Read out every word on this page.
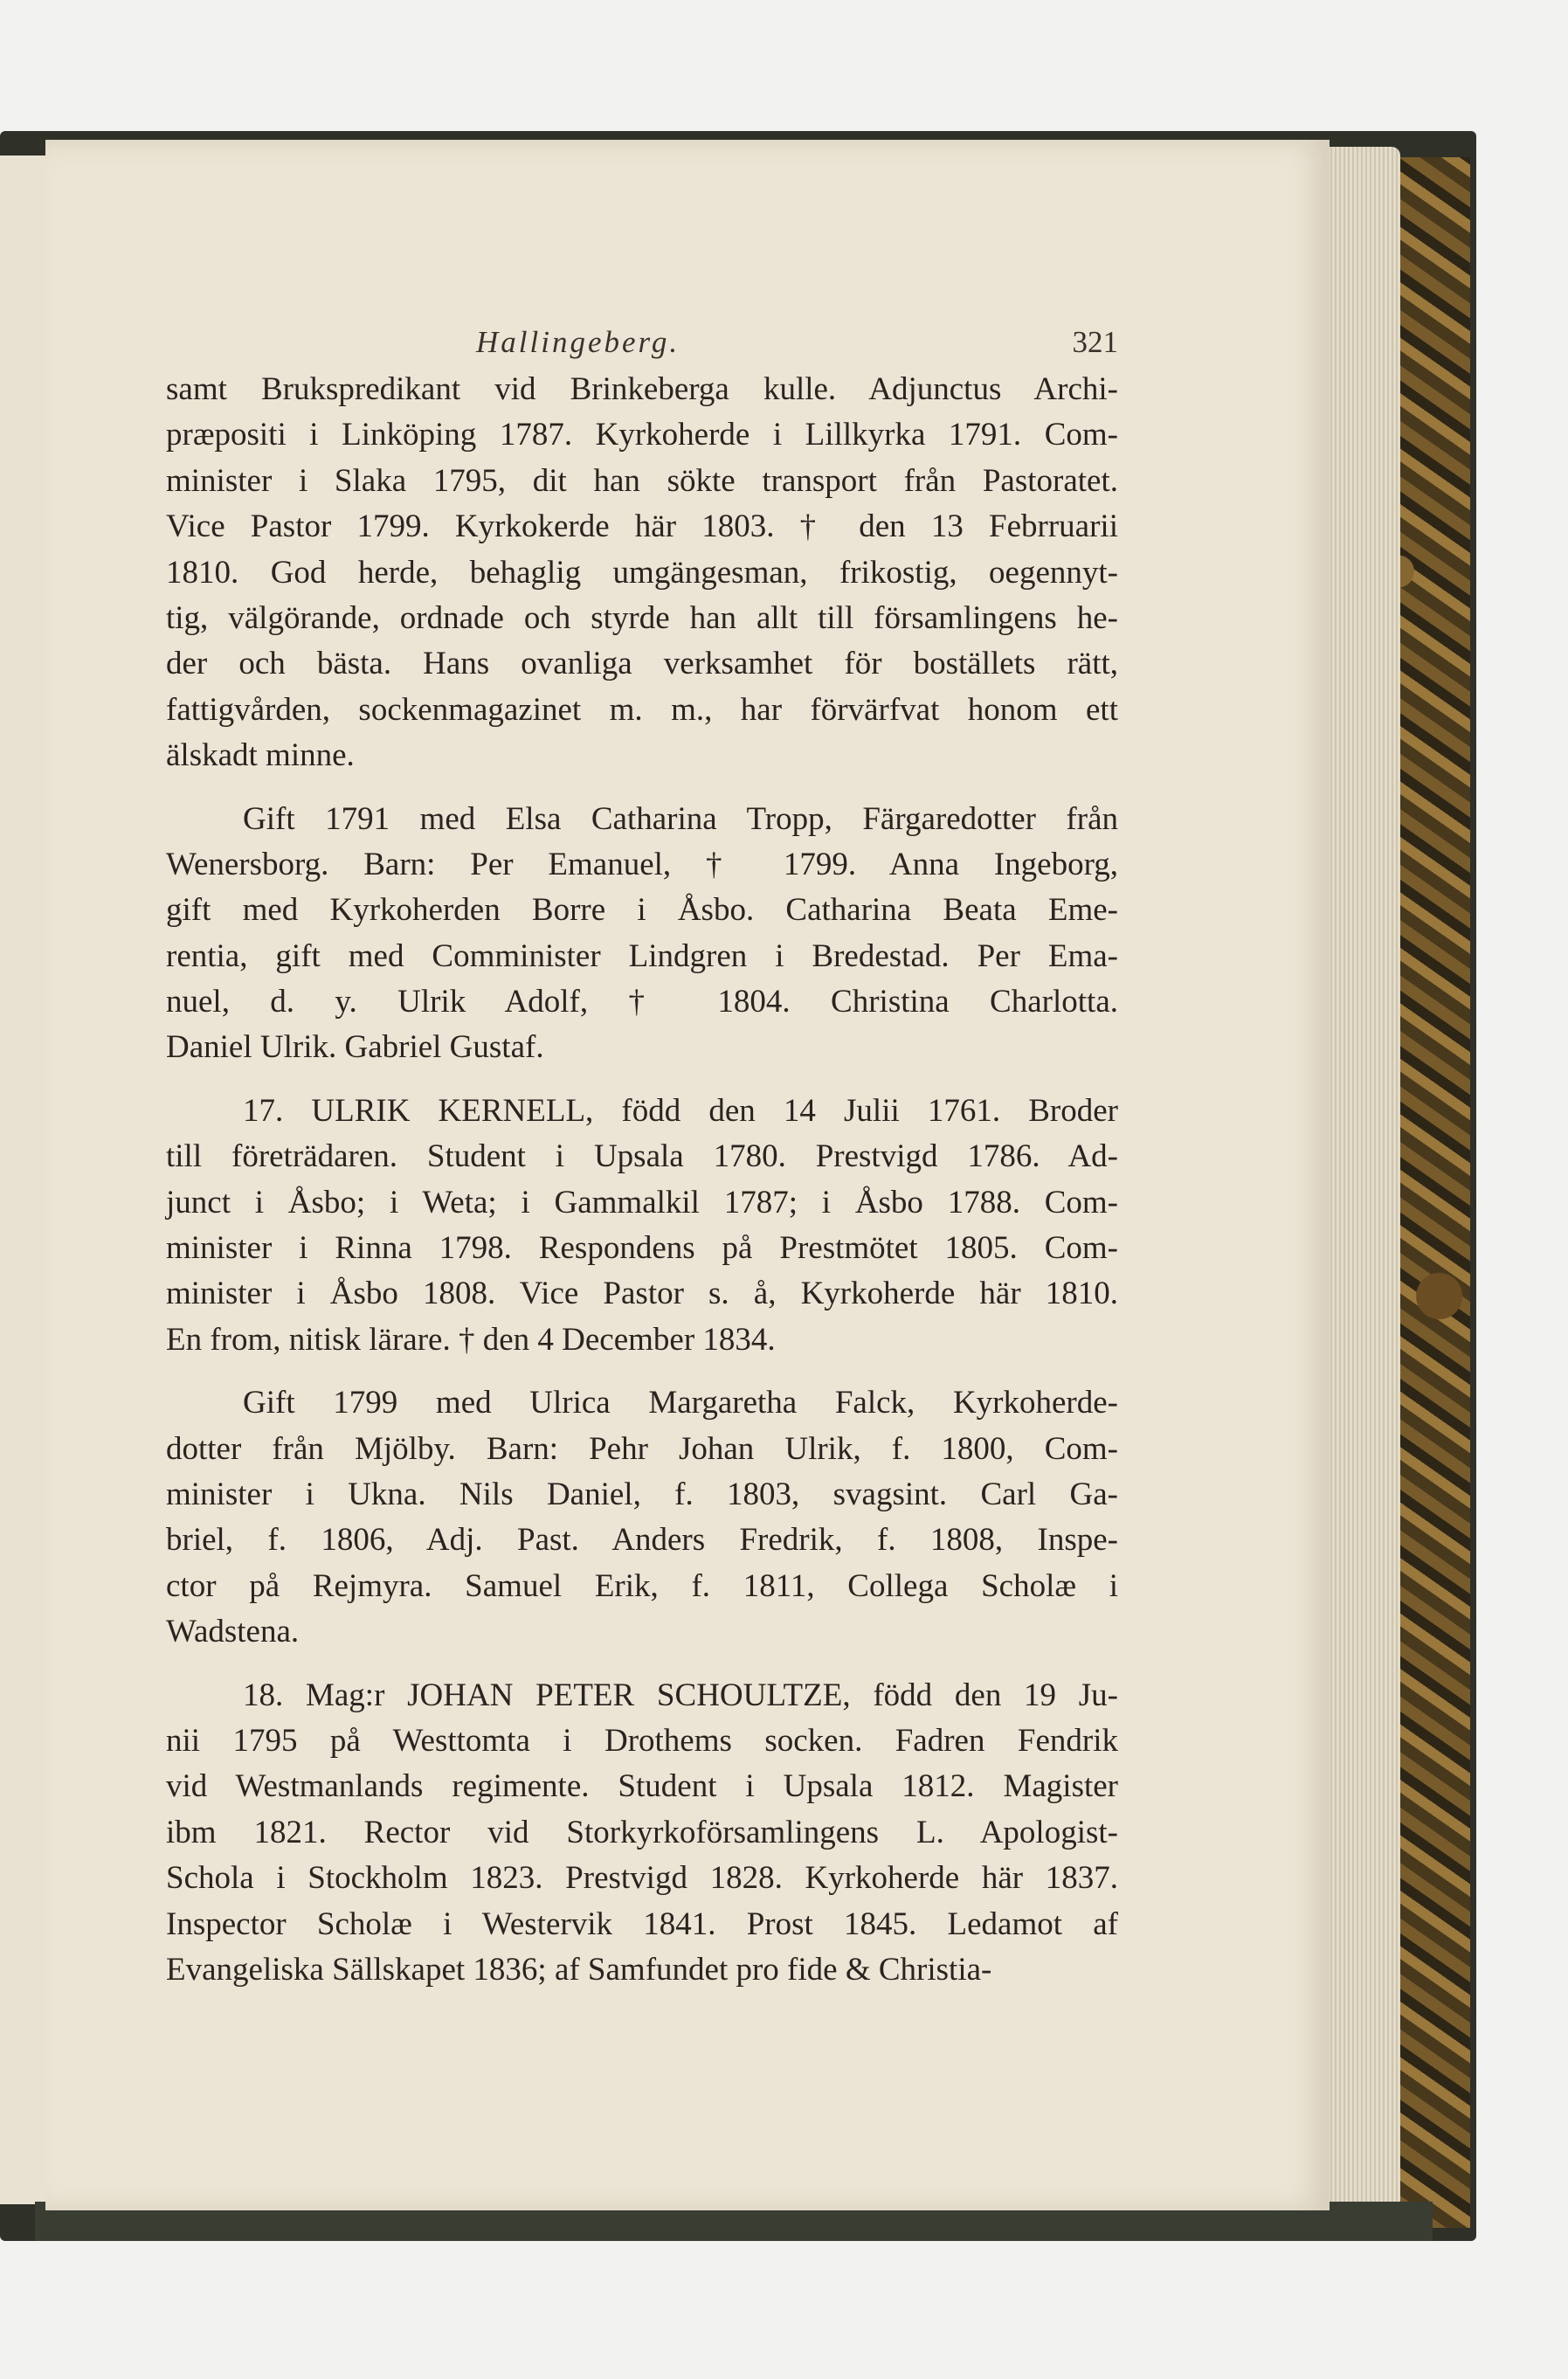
Hallingeberg.	321
samt Brukspredikant vid Brinkeberga kulle. Adjunctus Archi-
præpositi i Linköping 1787. Kyrkoherde i Lillkyrka 1791. Com-
minister i Slaka 1795, dit han sökte transport från Pastoratet.
Vice Pastor 1799. Kyrkokerde här 1803. † den 13 Febrruarii
1810. God herde, behaglig umgängesman, frikostig, oegennyt-
tig, välgörande, ordnade och styrde han allt till församlingens he-
der och bästa. Hans ovanliga verksamhet för boställets rätt,
fattigvården, sockenmagazinet m. m., har förvärfvat honom ett
älskadt minne.
Gift 1791 med Elsa Catharina Tropp, Färgaredotter från
Wenersborg. Barn: Per Emanuel, † 1799. Anna Ingeborg,
gift med Kyrkoherden Borre i Åsbo. Catharina Beata Eme-
rentia, gift med Comminister Lindgren i Bredestad. Per Ema-
nuel, d. y. Ulrik Adolf, † 1804. Christina Charlotta.
Daniel Ulrik. Gabriel Gustaf.
17. ULRIK KERNELL, född den 14 Julii 1761. Broder
till företrädaren. Student i Upsala 1780. Prestvigd 1786. Ad-
junct i Åsbo; i Weta; i Gammalkil 1787; i Åsbo 1788. Com-
minister i Rinna 1798. Respondens på Prestmötet 1805. Com-
minister i Åsbo 1808. Vice Pastor s. å, Kyrkoherde här 1810.
En from, nitisk lärare. † den 4 December 1834.
Gift 1799 med Ulrica Margaretha Falck, Kyrkoherde-
dotter från Mjölby. Barn: Pehr Johan Ulrik, f. 1800, Com-
minister i Ukna. Nils Daniel, f. 1803, svagsint. Carl Ga-
briel, f. 1806, Adj. Past. Anders Fredrik, f. 1808, Inspe-
ctor på Rejmyra. Samuel Erik, f. 1811, Collega Scholæ i
Wadstena.
18. Mag:r JOHAN PETER SCHOULTZE, född den 19 Ju-
nii 1795 på Westtomta i Drothems socken. Fadren Fendrik
vid Westmanlands regimente. Student i Upsala 1812. Magister
ibm 1821. Rector vid Storkyrkoförsamlingens L. Apologist-
Schola i Stockholm 1823. Prestvigd 1828. Kyrkoherde här 1837.
Inspector Scholæ i Westervik 1841. Prost 1845. Ledamot af
Evangeliska Sällskapet 1836; af Samfundet pro fide & Christia-
